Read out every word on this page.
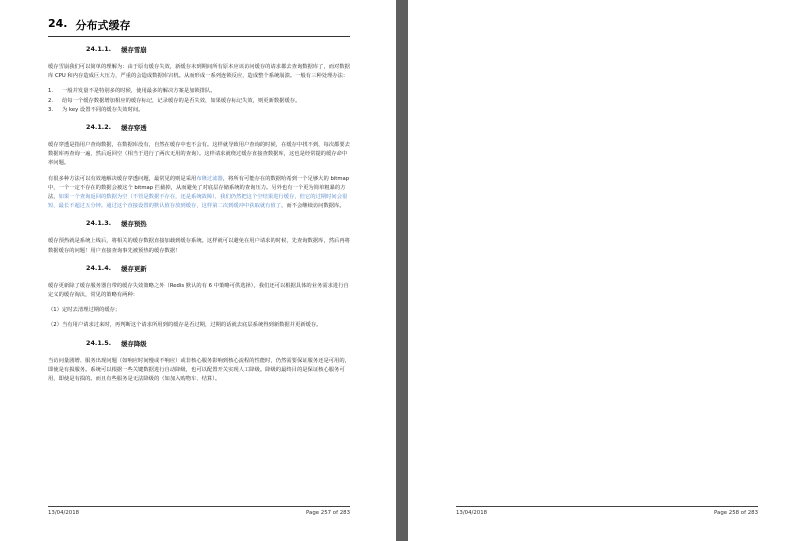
24. 分布式缓存
24.1.1. 缓存雪崩

缓存雪崩我们可以简单的理解为：由于原有缓存失效，新缓存未到期间所有原本应该访问缓存的请求都去查询数据库了，而对数据库 CPU 和内存造成巨大压力，严重的会造成数据库宕机。从而形成一系列连锁反应，造成整个系统崩溃。一般有三种处理办法：

1.	一般并发量不是特别多的时候，使用最多的解决方案是加锁排队。
2.	给每一个缓存数据增加相应的缓存标记，记录缓存的是否失效，如果缓存标记失效，则更新数据缓存。
3.	为 key 设置不同的缓存失效时间。
24.1.2. 缓存穿透

缓存穿透是指用户查询数据，在数据库没有，自然在缓存中也不会有。这样就导致用户查询的时候，在缓存中找不到，每次都要去数据库再查询一遍，然后返回空（相当于进行了两次无用的查询）。这样请求就绕过缓存直接查数据库，这也是经常提的缓存命中率问题。

有很多种方法可以有效地解决缓存穿透问题，最常见的则是采用布隆过滤器，将所有可能存在的数据哈希到一个足够大的 bitmap 中，一个一定不存在的数据会被这个 bitmap 拦截掉，从而避免了对底层存储系统的查询压力。另外也有一个更为简单粗暴的方法，如果一个查询返回的数据为空（不管是数据不存在，还是系统故障），我们仍然把这个空结果进行缓存，但它的过期时间会很短，最长不超过五分钟。通过这个直接设置的默认值存放到缓存，这样第二次到缓冲中获取就有值了，而不会继续访问数据库。

24.1.3. 缓存预热

缓存预热就是系统上线后，将相关的缓存数据直接加载到缓存系统。这样就可以避免在用户请求的时候，先查询数据库，然后再将数据缓存的问题！用户直接查询事先被预热的缓存数据！

24.1.4. 缓存更新

缓存更新除了缓存服务器自带的缓存失效策略之外（Redis 默认的有 6 中策略可供选择），我们还可以根据具体的业务需求进行自定义的缓存淘汰，常见的策略有两种：

（1）定时去清理过期的缓存；

（2）当有用户请求过来时，再判断这个请求所用到的缓存是否过期，过期的话就去底层系统得到新数据并更新缓存。

24.1.5. 缓存降级

当访问量剧增、服务出现问题（如响应时间慢或不响应）或非核心服务影响到核心流程的性能时，仍然需要保证服务还是可用的，即使是有损服务。系统可以根据一些关键数据进行自动降级，也可以配置开关实现人工降级。降级的最终目的是保证核心服务可用，即使是有损的。而且有些服务是无法降级的（如加入购物车、结算）。

13/04/2018	Page 257 of 283	13/04/2018	Page 258 of 283
